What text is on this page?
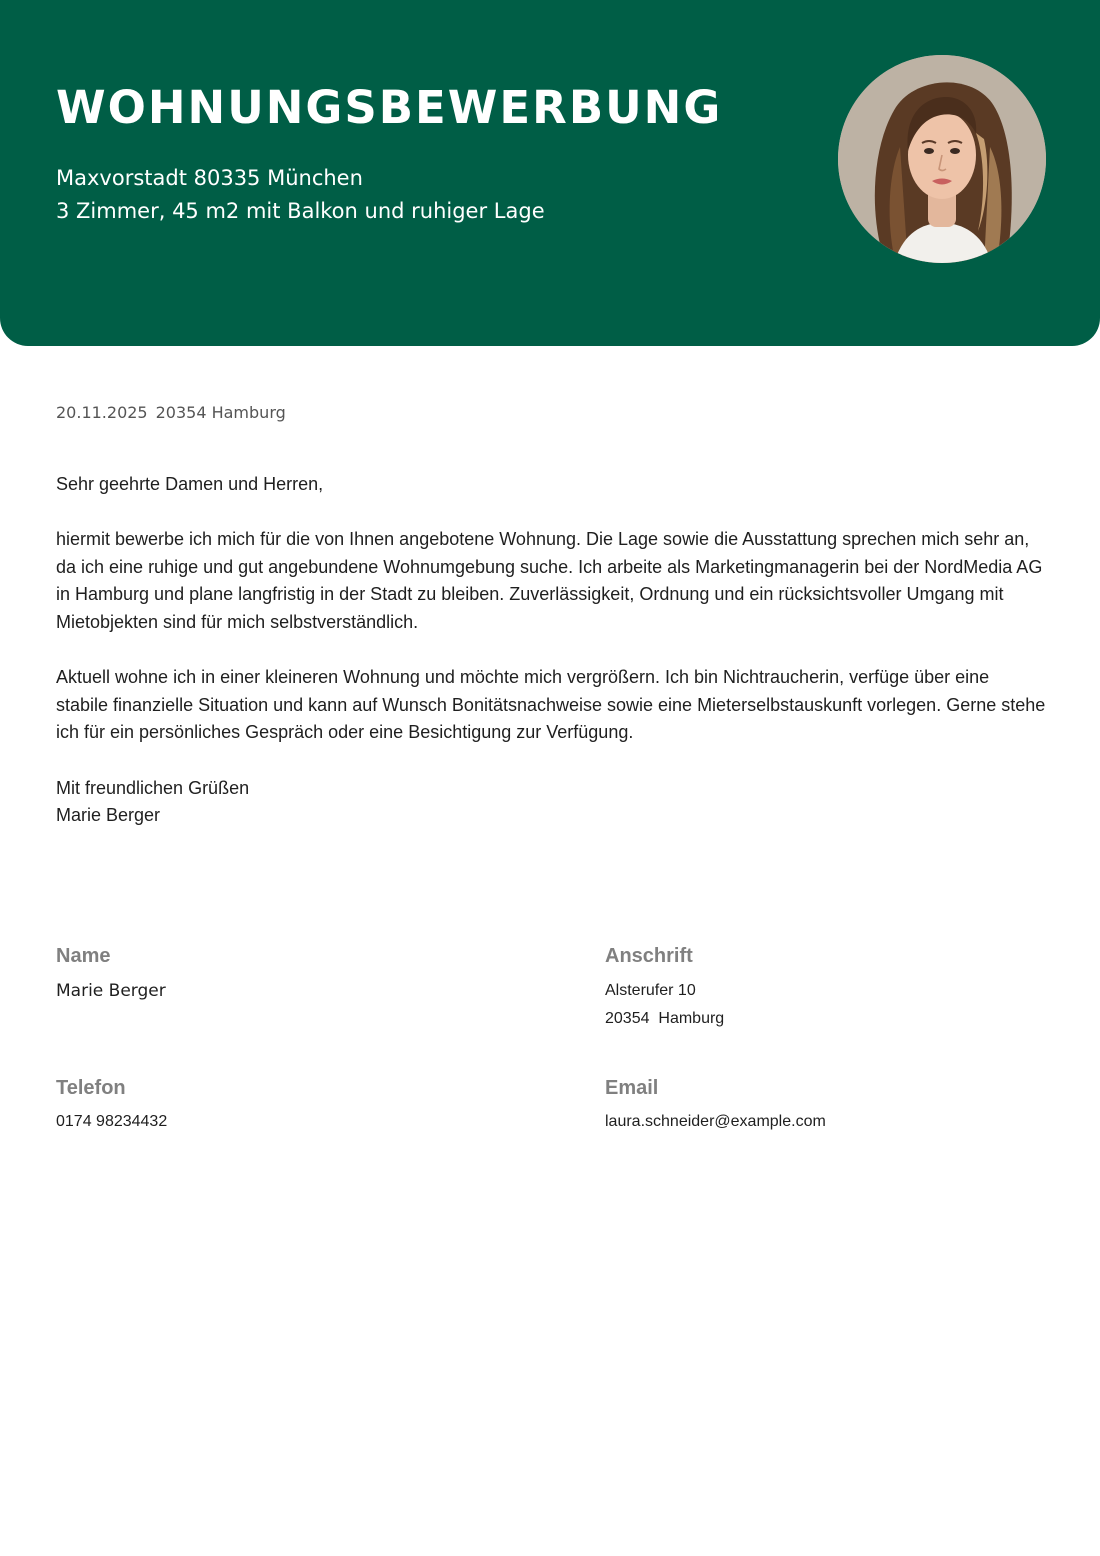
WOHNUNGSBEWERBUNG
Maxvorstadt 80335 München
3 Zimmer, 45 m2 mit Balkon und ruhiger Lage
20.11.2025 20354 Hamburg

Sehr geehrte Damen und Herren,

hiermit bewerbe ich mich für die von Ihnen angebotene Wohnung. Die Lage sowie die Ausstattung sprechen mich sehr an, da ich eine ruhige und gut angebundene Wohnumgebung suche. Ich arbeite als Marketingmanagerin bei der NordMedia AG in Hamburg und plane langfristig in der Stadt zu bleiben. Zuverlässigkeit, Ordnung und ein rücksichtsvoller Umgang mit Mietobjekten sind für mich selbstverständlich.

Aktuell wohne ich in einer kleineren Wohnung und möchte mich vergrößern. Ich bin Nichtraucherin, verfüge über eine stabile finanzielle Situation und kann auf Wunsch Bonitätsnachweise sowie eine Mieterselbstauskunft vorlegen. Gerne stehe ich für ein persönliches Gespräch oder eine Besichtigung zur Verfügung.

Mit freundlichen Grüßen

Marie Berger

Name
Marie Berger
Anschrift
Alsterufer 10
20354  Hamburg
Telefon
0174 98234432
Email
laura.schneider@example.com
